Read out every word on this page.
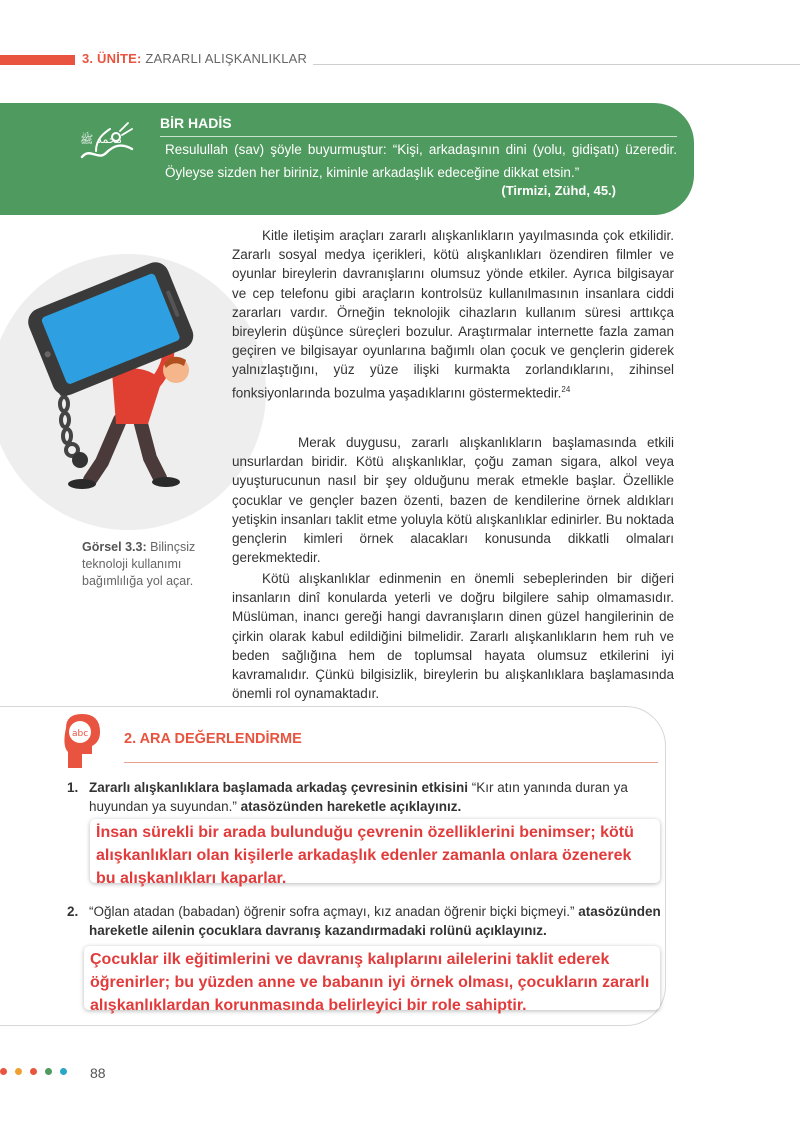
3. ÜNİTE: ZARARLI ALIŞKANLIKLAR
محمد ﷺ
BİR HADİS
Resulullah (sav) şöyle buyurmuştur: “Kişi, arkadaşının dini (yolu, gidişatı) üzeredir. Öyleyse sizden her biriniz, kiminle arkadaşlık edeceğine dikkat etsin.”
(Tirmizi, Zühd, 45.)
Görsel 3.3: Bilinçsiz teknoloji kullanımı bağımlılığa yol açar.
Kitle iletişim araçları zararlı alışkanlıkların yayılmasında çok etkilidir. Zararlı sosyal medya içerikleri, kötü alışkanlıkları özendiren filmler ve oyunlar bireylerin davranışlarını olumsuz yönde etkiler. Ayrıca bilgisayar ve cep telefonu gibi araçların kontrolsüz kullanılmasının insanlara ciddi zararları vardır. Örneğin teknolojik cihazların kullanım süresi arttıkça bireylerin düşünce süreçleri bozulur. Araştırmalar internette fazla zaman geçiren ve bilgisayar oyunlarına bağımlı olan çocuk ve gençlerin giderek yalnızlaştığını, yüz yüze ilişki kurmakta zorlandıklarını, zihinsel fonksiyonlarında bozulma yaşadıklarını göstermektedir.$^{24}$
Merak duygusu, zararlı alışkanlıkların başlamasında etkili unsurlardan biridir. Kötü alışkanlıklar, çoğu zaman sigara, alkol veya uyuşturucunun nasıl bir şey olduğunu merak etmekle başlar. Özellikle çocuklar ve gençler bazen özenti, bazen de kendilerine örnek aldıkları yetişkin insanları taklit etme yoluyla kötü alışkanlıklar edinirler. Bu noktada gençlerin kimleri örnek alacakları konusunda dikkatli olmaları gerekmektedir.
Kötü alışkanlıklar edinmenin en önemli sebeplerinden bir diğeri insanların dinî konularda yeterli ve doğru bilgilere sahip olmamasıdır. Müslüman, inancı gereği hangi davranışların dinen güzel hangilerinin de çirkin olarak kabul edildiğini bilmelidir. Zararlı alışkanlıkların hem ruh ve beden sağlığına hem de toplumsal hayata olumsuz etkilerini iyi kavramalıdır. Çünkü bilgisizlik, bireylerin bu alışkanlıklara başlamasında önemli rol oynamaktadır.
abc 2. ARA DEĞERLENDİRME
1. Zararlı alışkanlıklara başlamada arkadaş çevresinin etkisini “Kır atın yanında duran ya huyundan ya suyundan.” atasözünden hareketle açıklayınız.
İnsan sürekli bir arada bulunduğu çevrenin özelliklerini benimser; kötü alışkanlıkları olan kişilerle arkadaşlık edenler zamanla onlara özenerek bu alışkanlıkları kaparlar.
2. “Oğlan atadan (babadan) öğrenir sofra açmayı, kız anadan öğrenir biçki biçmeyi.” atasözünden hareketle ailenin çocuklara davranış kazandırmadaki rolünü açıklayınız.
Çocuklar ilk eğitimlerini ve davranış kalıplarını ailelerini taklit ederek öğrenirler; bu yüzden anne ve babanın iyi örnek olması, çocukların zararlı alışkanlıklardan korunmasında belirleyici bir role sahiptir.
88
